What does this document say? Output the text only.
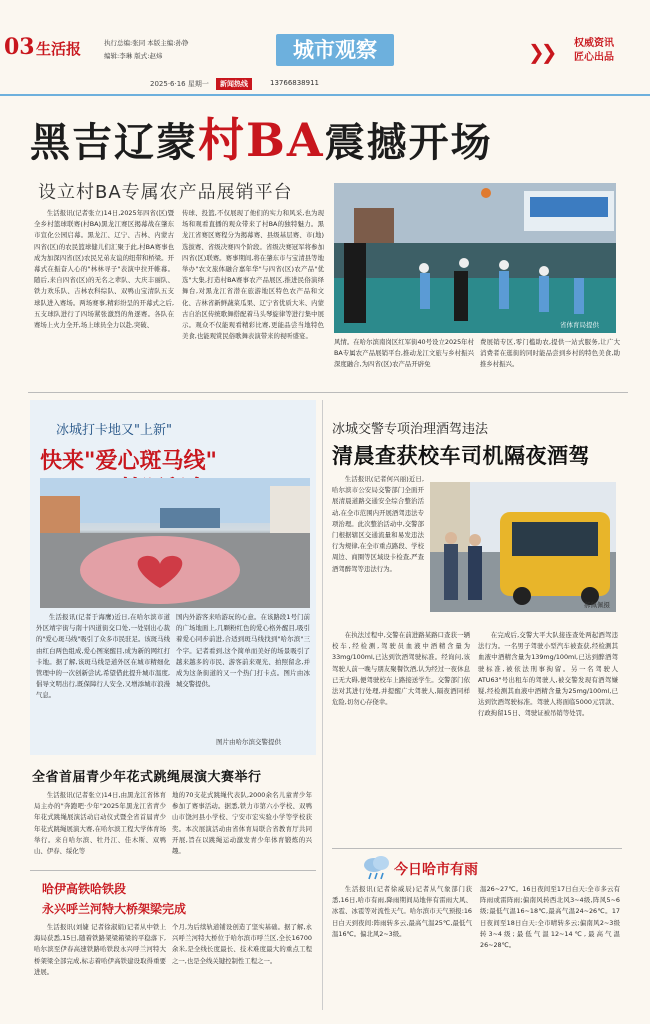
03 生活报	执行总编:张同 本版主编:孙铮
编辑:李琳 版式:赵炜	城市观察	❯❯ 权威资讯
匠心出品
2025·6·16 星期一	新闻热线	13766838911
黑吉辽蒙村BA震撼开场
设立村BA专属农产品展销平台

生活报讯(记者张立)14日,2025年四省(区)暨全乡村篮球联赛(村BA)黑龙江赛区揭幕战在肇东市宣化公园启幕。黑龙江、辽宁、吉林、内蒙古四省(区)的农民篮球健儿们汇聚于此,村BA赛事也成为加深四省(区)农民兄弟友谊的纽带和桥梁。开幕式在振奋人心的"林林寻子"表演中拉开帷幕。随后,来自四省(区)的无名之辈队、大庆丰丽队、铁力欢乐队、吉林农科综队、双鸭山宝清队五支球队进入赛场。两场赛事,精彩纷呈的开幕式之后,五支球队进行了四场紧张激烈的角逐赛。各队在赛场上火力全开,场上球员全力以赴,突破、

传球、投篮,不仅展现了他们的实力和风采,也为现场和观看直播的观众带来了村BA的独特魅力。黑龙江省赛区赛程分为揭幕赛、县级基层赛、市(地)选拔赛、省级决赛四个阶段。省级决赛冠军将参加四省(区)联赛。赛事期间,将在肇东市与宝清县等地举办"农文旅体融合嘉年华"与四省(区)农产品"优选"大集,打造村BA赛事农产品展区,推进民俗演绎舞台,对黑龙江省潜在旅游地区特色农产品和文化、吉林省新鲜蔬菜瓜果、辽宁省优质大米、内蒙古自治区传统歌舞搭配着马头琴旋律等进行集中展示。观众不仅能观看精彩比赛,更能品尝当地特色美食,也能观赏民俗歌舞表演带来的视听盛宴。

省体育局提供

风情。在哈尔滨南岗区红军街40号设立2025年村BA专属农产品展销平台,推动龙江文旅与乡村振兴深度融合,为四省(区)农产品开辟免

费展销专区,零门槛助农,提供一站式服务,让广大消费者在逛街的同时能品尝到乡村的特色美食,助推乡村振兴。

冰城打卡地又"上新"
快来"爱心斑马线"

生活报讯(记者于海鹰)近日,在哈尔滨市道外区靖宇街与南十四道街交口处,一处别出心裁的"爱心斑马线"吸引了众多市民驻足。该斑马线由红白两色组成,爱心图案醒目,成为新的网红打卡地。据了解,该斑马线是道外区在城市精细化管理中的一次创新尝试,希望借此提升城市温度,倡导文明出行,既保障行人安全,又增添城市浪漫气息。

国内外游客来哈游玩的心意。在该路段1号门前的广场地面上,几颗粉红色的爱心格外醒目,吸引着爱心同步前进,合适到斑马线找到"哈尔滨"三个字。记者看到,这个简单而美好的场景吸引了越来越多的市民、游客前来观光、拍照留念,并成为这条街道的又一个热门打卡点。图片由冰城交警提供。

图片由哈尔滨交警提供
冰城交警专项治理酒驾违法
清晨查获校车司机隔夜酒驾

生活报讯(记者何兴丽)近日,哈尔滨市公安局交警部门全面开展清晨道路交通安全综合整治活动,在全市范围内开展酒驾违法专项治理。此次整治活动中,交警部门根据辖区交通流量和易发违法行为规律,在全市重点路段、学校周边、商圈等区域设卡检查,严查酒驾醉驾等违法行为。

郝佩佩摄

在执法过程中,交警在前进路某路口查获一辆校车,经检测,驾驶员血液中酒精含量为33mg/100ml,已达到饮酒驾驶标准。经询问,该驾驶人前一晚与朋友聚餐饮酒,认为经过一夜休息已无大碍,便驾驶校车上路接送学生。交警部门依法对其进行处理,并提醒广大驾驶人,隔夜酒同样危险,切勿心存侥幸。

在完成后,交警大平大队接连查处两起酒驾违法行为。一名男子驾驶小型汽车被查获,经检测其血液中酒精含量为139mg/100ml,已达到醉酒驾驶标准,被依法刑事拘留。另一名驾驶人ATU63"号出租车的驾驶人,被交警发现有酒驾嫌疑,经检测其血液中酒精含量为25mg/100ml,已达到饮酒驾驶标准。驾驶人将面临5000元罚款、行政拘留15日、驾驶证被吊销等处罚。

全省首届青少年花式跳绳展演大赛举行

生活报讯(记者张立)14日,由黑龙江省体育局主办的"奔跑吧·少年"2025年黑龙江省青少年花式跳绳展演活动启动仪式暨全省首届青少年花式跳绳展演大赛,在哈尔滨工程大学体育场举行。来自哈尔滨、牡丹江、佳木斯、双鸭山、伊春、绥化等

地的70支花式跳绳代表队,2000余名儿童青少年参加了赛事活动。据悉,铁力市第六小学校、双鸭山市饶河县小学校、宁安市宏实验小学等学校获奖。本次展演活动由省体育局联合省教育厅共同开展,旨在以跳绳运动激发青少年体育锻炼的兴趣。

哈伊高铁哈铁段
永兴呼兰河特大桥架梁完成

生活报讯(刘婕 记者徐淑娟)记者从中铁上海局获悉,15日,随着铁路架梁箱梁的平稳落下,哈尔滨至伊春高速铁路哈铁段永兴呼兰河特大桥架梁全部完成,标志着哈伊高铁建设取得重要进展。

个月,为后续轨道铺设创造了坚实基础。据了解,永兴呼兰河特大桥位于哈尔滨市呼兰区,全长16700余米,是全线长度最长、技术难度最大的重点工程之一,也是全线关键控制性工程之一。

今日哈市有雨

生活报讯(记者徐威辰)记者从气象部门获悉,16日,哈市有雨,降雨期间局地伴有雷雨大风、冰雹、冰雹等对流性天气。哈尔滨市天气预报:16日白天到夜间:阵雨转多云,最高气温25℃,最低气温16℃。偏北风2~3级。

温26~27℃。16日夜间至17日白天:全市多云有阵雨或雷阵雨;偏南风转西北风3~4级,阵风5~6级;最低气温16~18℃,最高气温24~26℃。17日夜间至18日白天:全市晴转多云;偏南风2~3级转3~4级;最低气温12~14℃,最高气温26~28℃。
